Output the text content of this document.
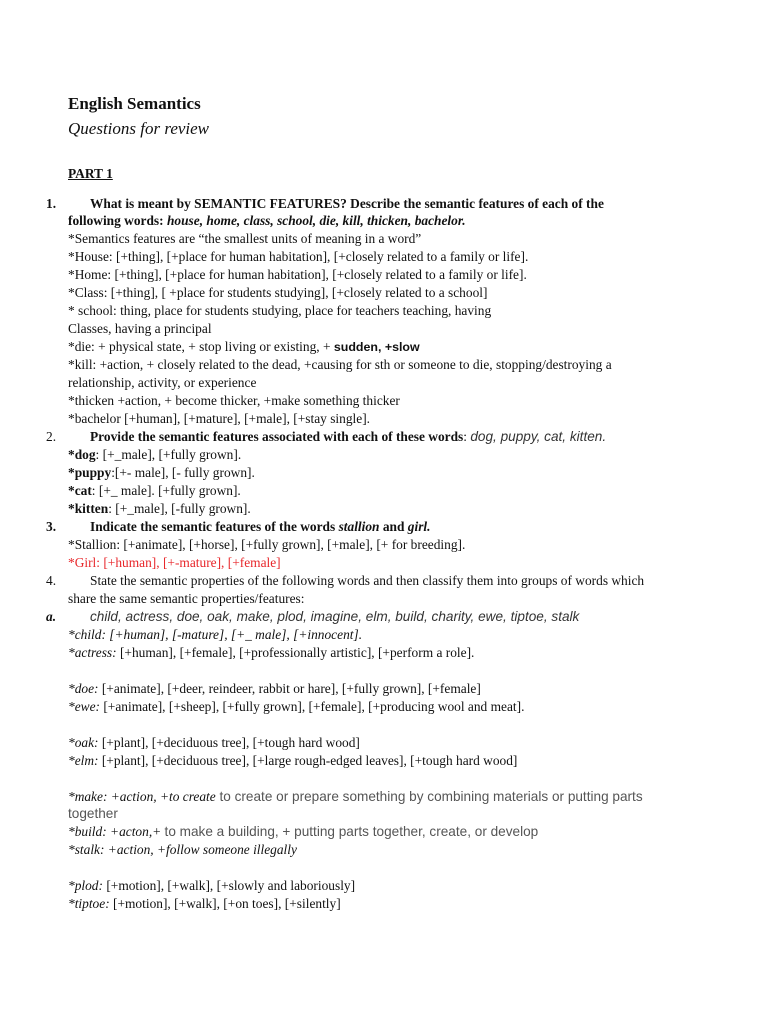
English Semantics
Questions for review
PART 1
1.	What is meant by SEMANTIC FEATURES? Describe the semantic features of each of the
following words: house, home, class, school, die, kill, thicken, bachelor.
*Semantics features are “the smallest units of meaning in a word”
*House: [+thing], [+place for human habitation], [+closely related to a family or life].
*Home: [+thing], [+place for human habitation], [+closely related to a family or life].
*Class: [+thing], [ +place for students studying], [+closely related to a school]
* school: thing, place for students studying, place for teachers teaching, having
Classes, having a principal
*die: + physical state, + stop living or existing, + sudden, +slow
*kill: +action, + closely related to the dead, +causing for sth or someone to die, stopping/destroying a
relationship, activity, or experience
*thicken +action, + become thicker, +make something thicker
*bachelor [+human], [+mature], [+male], [+stay single].
2.	Provide the semantic features associated with each of these words: dog, puppy, cat, kitten.
*dog: [+_male], [+fully grown].
*puppy:[+- male], [- fully grown].
*cat: [+_ male]. [+fully grown].
*kitten: [+_male], [-fully grown].
3.	Indicate the semantic features of the words stallion and girl.
*Stallion: [+animate], [+horse], [+fully grown], [+male], [+ for breeding].
*Girl: [+human], [+-mature], [+female]
4.	State the semantic properties of the following words and then classify them into groups of words which
share the same semantic properties/features:
a. child, actress, doe, oak, make, plod, imagine, elm, build, charity, ewe, tiptoe, stalk
*child: [+human], [-mature], [+_ male], [+innocent].
*actress: [+human], [+female], [+professionally artistic], [+perform a role].
*doe: [+animate], [+deer, reindeer, rabbit or hare], [+fully grown], [+female]
*ewe: [+animate], [+sheep], [+fully grown], [+female], [+producing wool and meat].
*oak: [+plant], [+deciduous tree], [+tough hard wood]
*elm: [+plant], [+deciduous tree], [+large rough-edged leaves], [+tough hard wood]
*make: +action, +to create to create or prepare something by combining materials or putting parts
together
*build: +acton,+ to make a building, + putting parts together, create, or develop
*stalk: +action, +follow someone illegally
*plod: [+motion], [+walk], [+slowly and laboriously]
*tiptoe: [+motion], [+walk], [+on toes], [+silently]
